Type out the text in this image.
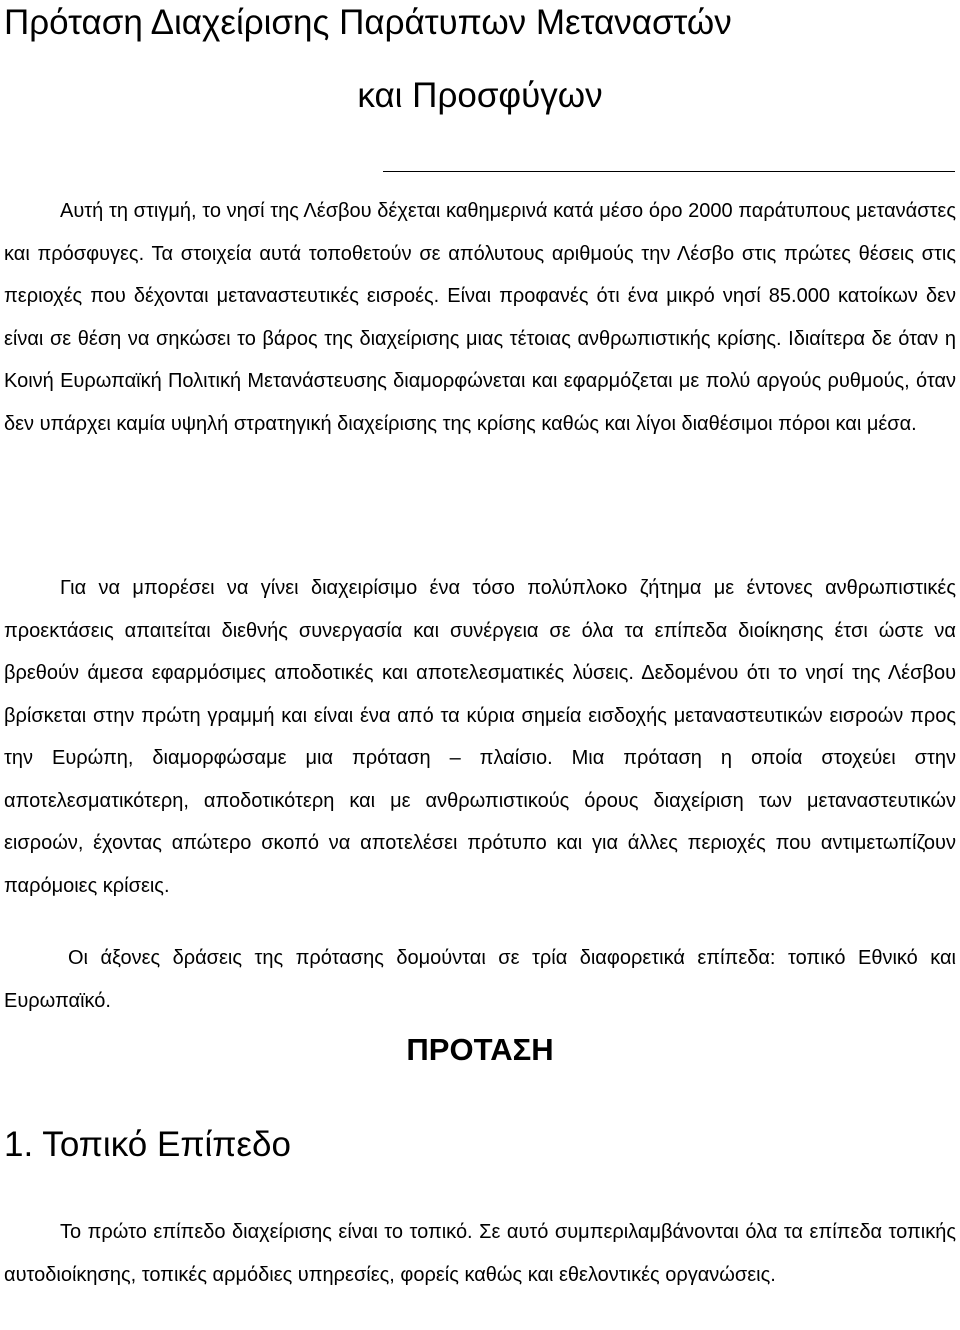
Πρόταση Διαχείρισης Παράτυπων Μεταναστών
και Προσφύγων

Αυτή τη στιγμή, το νησί της Λέσβου δέχεται καθημερινά κατά μέσο όρο 2000 παράτυπους μετανάστες και πρόσφυγες. Τα στοιχεία αυτά τοποθετούν σε απόλυτους αριθμούς την Λέσβο στις πρώτες θέσεις στις περιοχές που δέχονται μεταναστευτικές εισροές. Είναι προφανές ότι ένα μικρό νησί 85.000 κατοίκων δεν είναι σε θέση να σηκώσει το βάρος της διαχείρισης μιας τέτοιας ανθρωπιστικής κρίσης. Ιδιαίτερα δε όταν η Κοινή Ευρωπαϊκή Πολιτική Μετανάστευσης διαμορφώνεται και εφαρμόζεται με πολύ αργούς ρυθμούς, όταν δεν υπάρχει καμία υψηλή στρατηγική διαχείρισης της κρίσης καθώς και λίγοι διαθέσιμοι πόροι και μέσα.

Για να μπορέσει να γίνει διαχειρίσιμο ένα τόσο πολύπλοκο ζήτημα με έντονες ανθρωπιστικές προεκτάσεις απαιτείται διεθνής συνεργασία και συνέργεια σε όλα τα επίπεδα διοίκησης έτσι ώστε να βρεθούν άμεσα εφαρμόσιμες αποδοτικές και αποτελεσματικές λύσεις. Δεδομένου ότι το νησί της Λέσβου βρίσκεται στην πρώτη γραμμή και είναι ένα από τα κύρια σημεία εισδοχής μεταναστευτικών εισροών προς την Ευρώπη, διαμορφώσαμε μια πρόταση – πλαίσιο. Μια πρόταση η οποία στοχεύει στην αποτελεσματικότερη, αποδοτικότερη και με ανθρωπιστικούς όρους διαχείριση των μεταναστευτικών εισροών, έχοντας απώτερο σκοπό να αποτελέσει πρότυπο και για άλλες περιοχές που αντιμετωπίζουν παρόμοιες κρίσεις.

Οι άξονες δράσεις της πρότασης δομούνται σε τρία διαφορετικά επίπεδα: τοπικό Εθνικό και Ευρωπαϊκό.

ΠΡΟΤΑΣΗ
1. Τοπικό Επίπεδο

Το πρώτο επίπεδο διαχείρισης είναι το τοπικό. Σε αυτό συμπεριλαμβάνονται όλα τα επίπεδα τοπικής αυτοδιοίκησης, τοπικές αρμόδιες υπηρεσίες, φορείς καθώς και εθελοντικές οργανώσεις.
